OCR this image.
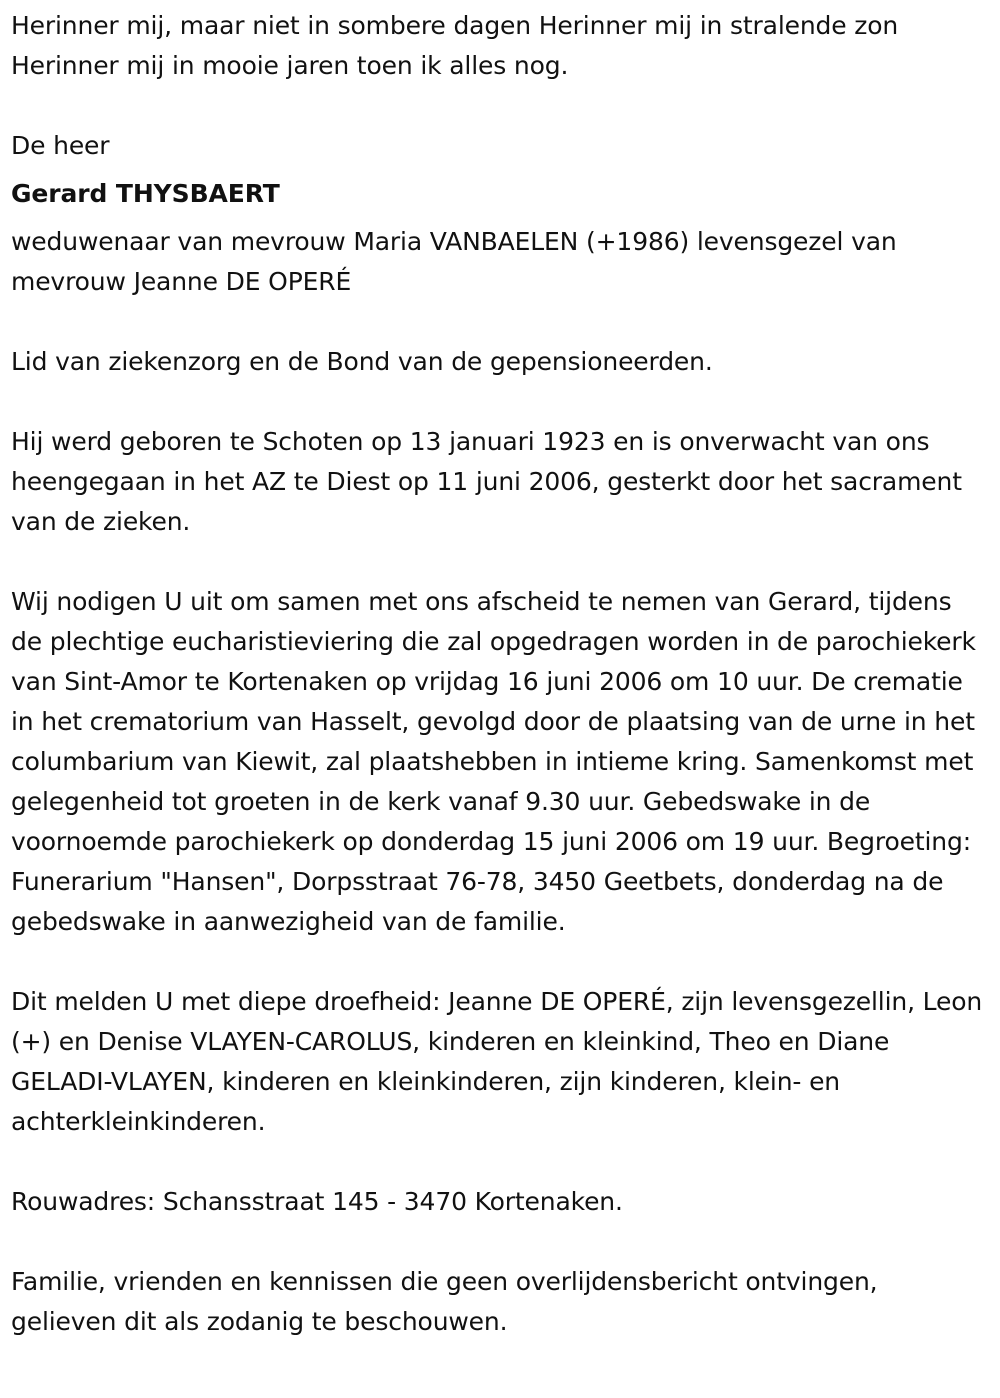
Herinner mij, maar niet in sombere dagen Herinner mij in stralende zon Herinner mij in mooie jaren toen ik alles nog.

De heer

Gerard THYSBAERT

weduwenaar van mevrouw Maria VANBAELEN (+1986) levensgezel van mevrouw Jeanne DE OPERÉ

Lid van ziekenzorg en de Bond van de gepensioneerden.

Hij werd geboren te Schoten op 13 januari 1923 en is onverwacht van ons heengegaan in het AZ te Diest op 11 juni 2006, gesterkt door het sacrament van de zieken.

Wij nodigen U uit om samen met ons afscheid te nemen van Gerard, tijdens de plechtige eucharistieviering die zal opgedragen worden in de parochiekerk van Sint-Amor te Kortenaken op vrijdag 16 juni 2006 om 10 uur. De crematie in het crematorium van Hasselt, gevolgd door de plaatsing van de urne in het columbarium van Kiewit, zal plaatshebben in intieme kring. Samenkomst met gelegenheid tot groeten in de kerk vanaf 9.30 uur. Gebedswake in de voornoemde parochiekerk op donderdag 15 juni 2006 om 19 uur. Begroeting: Funerarium "Hansen", Dorpsstraat 76-78, 3450 Geetbets, donderdag na de gebedswake in aanwezigheid van de familie.

Dit melden U met diepe droefheid: Jeanne DE OPERÉ, zijn levensgezellin, Leon (+) en Denise VLAYEN-CAROLUS, kinderen en kleinkind, Theo en Diane GELADI-VLAYEN, kinderen en kleinkinderen, zijn kinderen, klein- en achterkleinkinderen.

Rouwadres: Schansstraat 145 - 3470 Kortenaken.

Familie, vrienden en kennissen die geen overlijdensbericht ontvingen, gelieven dit als zodanig te beschouwen.
